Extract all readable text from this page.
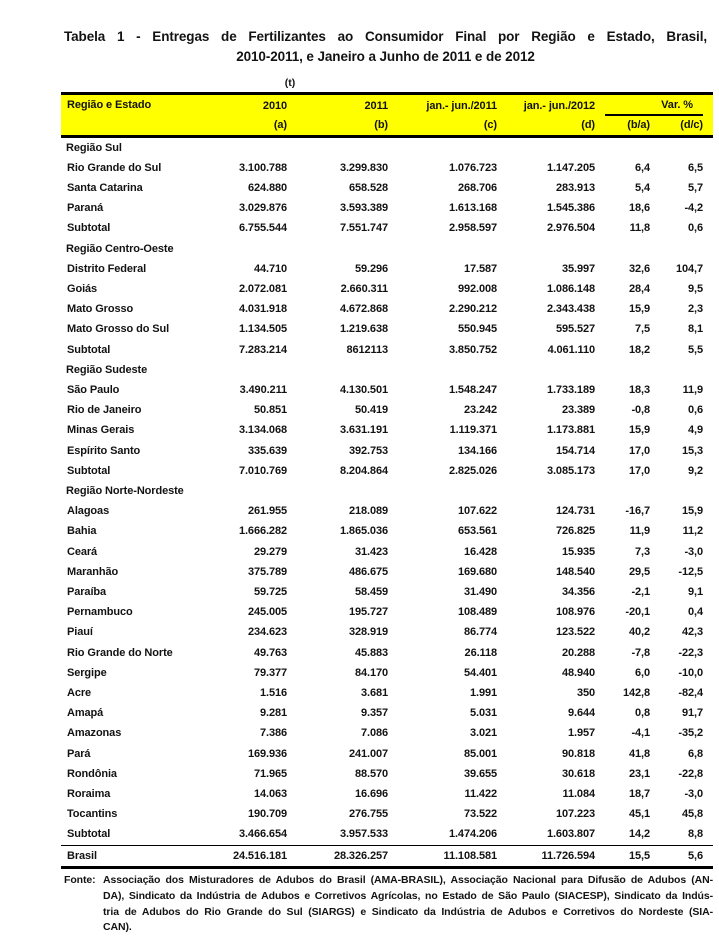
Tabela 1 - Entregas de Fertilizantes ao Consumidor Final por Região e Estado, Brasil,
2010-2011, e Janeiro a Junho de 2011 e de 2012
(t)
Região e Estado	2010	2011	jan.- jun./2011	jan.- jun./2012	Var. %	

	(a)	(b)	(c)	(d)	(b/a)	(d/c)
Região Sul						
Rio Grande do Sul	3.100.788	3.299.830	1.076.723	1.147.205	6,4	6,5
Santa Catarina	624.880	658.528	268.706	283.913	5,4	5,7
Paraná	3.029.876	3.593.389	1.613.168	1.545.386	18,6	-4,2
Subtotal	6.755.544	7.551.747	2.958.597	2.976.504	11,8	0,6
Região Centro-Oeste						
Distrito Federal	44.710	59.296	17.587	35.997	32,6	104,7
Goiás	2.072.081	2.660.311	992.008	1.086.148	28,4	9,5
Mato Grosso	4.031.918	4.672.868	2.290.212	2.343.438	15,9	2,3
Mato Grosso do Sul	1.134.505	1.219.638	550.945	595.527	7,5	8,1
Subtotal	7.283.214	8612113	3.850.752	4.061.110	18,2	5,5
Região Sudeste						
São Paulo	3.490.211	4.130.501	1.548.247	1.733.189	18,3	11,9
Rio de Janeiro	50.851	50.419	23.242	23.389	-0,8	0,6
Minas Gerais	3.134.068	3.631.191	1.119.371	1.173.881	15,9	4,9
Espírito Santo	335.639	392.753	134.166	154.714	17,0	15,3
Subtotal	7.010.769	8.204.864	2.825.026	3.085.173	17,0	9,2
Região Norte-Nordeste						
Alagoas	261.955	218.089	107.622	124.731	-16,7	15,9
Bahia	1.666.282	1.865.036	653.561	726.825	11,9	11,2
Ceará	29.279	31.423	16.428	15.935	7,3	-3,0
Maranhão	375.789	486.675	169.680	148.540	29,5	-12,5
Paraíba	59.725	58.459	31.490	34.356	-2,1	9,1
Pernambuco	245.005	195.727	108.489	108.976	-20,1	0,4
Piauí	234.623	328.919	86.774	123.522	40,2	42,3
Rio Grande do Norte	49.763	45.883	26.118	20.288	-7,8	-22,3
Sergipe	79.377	84.170	54.401	48.940	6,0	-10,0
Acre	1.516	3.681	1.991	350	142,8	-82,4
Amapá	9.281	9.357	5.031	9.644	0,8	91,7
Amazonas	7.386	7.086	3.021	1.957	-4,1	-35,2
Pará	169.936	241.007	85.001	90.818	41,8	6,8
Rondônia	71.965	88.570	39.655	30.618	23,1	-22,8
Roraima	14.063	16.696	11.422	11.084	18,7	-3,0
Tocantins	190.709	276.755	73.522	107.223	45,1	45,8
Subtotal	3.466.654	3.957.533	1.474.206	1.603.807	14,2	8,8
Brasil	24.516.181	28.326.257	11.108.581	11.726.594	15,5	5,6
Fonte: Associação dos Misturadores de Adubos do Brasil (AMA-BRASIL), Associação Nacional para Difusão de Adubos (AN-
DA), Sindicato da Indústria de Adubos e Corretivos Agrícolas, no Estado de São Paulo (SIACESP), Sindicato da Indús-
tria de Adubos do Rio Grande do Sul (SIARGS) e Sindicato da Indústria de Adubos e Corretivos do Nordeste (SIA-
CAN).
